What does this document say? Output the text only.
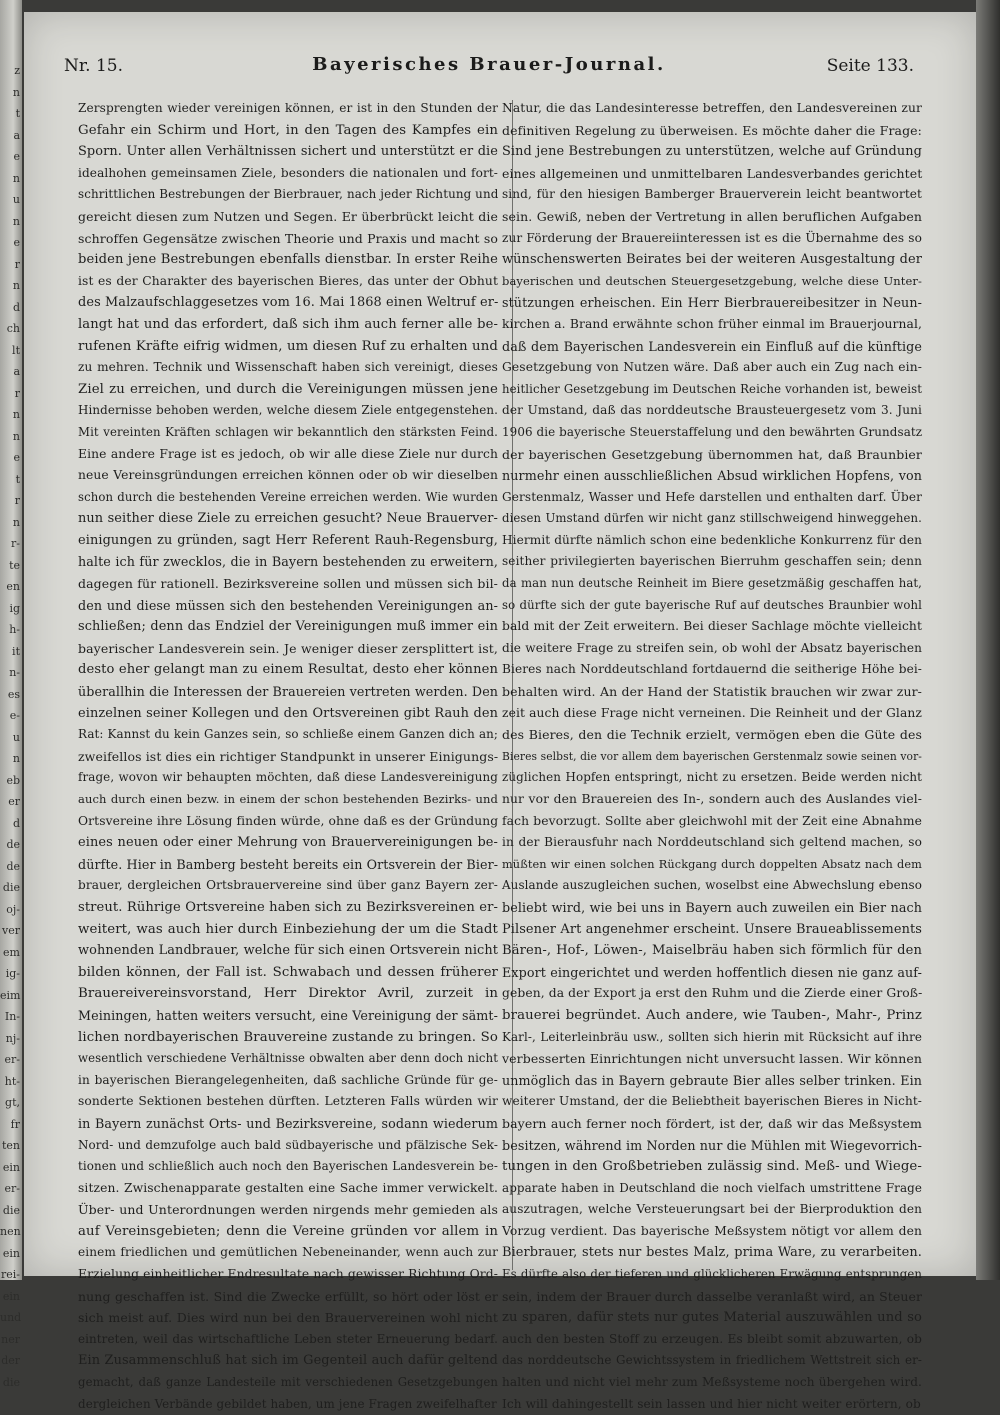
z
n
t
a
e
n
u
n
e
r
n
d
ch
lt
a
r
n
n
e
t
r
n
r-
te
en
ig
h-
it
n-
es
e-
u
n
eb
er
d
de
de
die
oj-
ver
em
ig-
eim
In-
nj-
er-
ht-
gt,
fr
ten
ein
er-
die
nen
ein
rei-
ein
und
ner
der
die
Nr. 15.	Bayerisches Brauer-Journal.	Seite 133.
Zersprengten wieder vereinigen können, er ist in den Stunden der
Gefahr ein Schirm und Hort, in den Tagen des Kampfes ein
Sporn. Unter allen Verhältnissen sichert und unterstützt er die
idealhohen gemeinsamen Ziele, besonders die nationalen und fort-
schrittlichen Bestrebungen der Bierbrauer, nach jeder Richtung und
gereicht diesen zum Nutzen und Segen. Er überbrückt leicht die
schroffen Gegensätze zwischen Theorie und Praxis und macht so
beiden jene Bestrebungen ebenfalls dienstbar. In erster Reihe
ist es der Charakter des bayerischen Bieres, das unter der Obhut
des Malzaufschlaggesetzes vom 16. Mai 1868 einen Weltruf er-
langt hat und das erfordert, daß sich ihm auch ferner alle be-
rufenen Kräfte eifrig widmen, um diesen Ruf zu erhalten und
zu mehren. Technik und Wissenschaft haben sich vereinigt, dieses
Ziel zu erreichen, und durch die Vereinigungen müssen jene
Hindernisse behoben werden, welche diesem Ziele entgegenstehen.
Mit vereinten Kräften schlagen wir bekanntlich den stärksten Feind.
Eine andere Frage ist es jedoch, ob wir alle diese Ziele nur durch
neue Vereinsgründungen erreichen können oder ob wir dieselben
schon durch die bestehenden Vereine erreichen werden. Wie wurden
nun seither diese Ziele zu erreichen gesucht? Neue Brauerver-
einigungen zu gründen, sagt Herr Referent Rauh-Regensburg,
halte ich für zwecklos, die in Bayern bestehenden zu erweitern,
dagegen für rationell. Bezirksvereine sollen und müssen sich bil-
den und diese müssen sich den bestehenden Vereinigungen an-
schließen; denn das Endziel der Vereinigungen muß immer ein
bayerischer Landesverein sein. Je weniger dieser zersplittert ist,
desto eher gelangt man zu einem Resultat, desto eher können
überallhin die Interessen der Brauereien vertreten werden. Den
einzelnen seiner Kollegen und den Ortsvereinen gibt Rauh den
Rat: Kannst du kein Ganzes sein, so schließe einem Ganzen dich an;
zweifellos ist dies ein richtiger Standpunkt in unserer Einigungs-
frage, wovon wir behaupten möchten, daß diese Landesvereinigung
auch durch einen bezw. in einem der schon bestehenden Bezirks- und
Ortsvereine ihre Lösung finden würde, ohne daß es der Gründung
eines neuen oder einer Mehrung von Brauervereinigungen be-
dürfte. Hier in Bamberg besteht bereits ein Ortsverein der Bier-
brauer, dergleichen Ortsbrauervereine sind über ganz Bayern zer-
streut. Rührige Ortsvereine haben sich zu Bezirksvereinen er-
weitert, was auch hier durch Einbeziehung der um die Stadt
wohnenden Landbrauer, welche für sich einen Ortsverein nicht
bilden können, der Fall ist. Schwabach und dessen früherer
Brauereivereinsvorstand, Herr Direktor Avril, zurzeit in
Meiningen, hatten weiters versucht, eine Vereinigung der sämt-
lichen nordbayerischen Brauvereine zustande zu bringen. So
wesentlich verschiedene Verhältnisse obwalten aber denn doch nicht
in bayerischen Bierangelegenheiten, daß sachliche Gründe für ge-
sonderte Sektionen bestehen dürften. Letzteren Falls würden wir
in Bayern zunächst Orts- und Bezirksvereine, sodann wiederum
Nord- und demzufolge auch bald südbayerische und pfälzische Sek-
tionen und schließlich auch noch den Bayerischen Landesverein be-
sitzen. Zwischenapparate gestalten eine Sache immer verwickelt.
Über- und Unterordnungen werden nirgends mehr gemieden als
auf Vereinsgebieten; denn die Vereine gründen vor allem in
einem friedlichen und gemütlichen Nebeneinander, wenn auch zur
Erzielung einheitlicher Endresultate nach gewisser Richtung Ord-
nung geschaffen ist. Sind die Zwecke erfüllt, so hört oder löst er
sich meist auf. Dies wird nun bei den Brauervereinen wohl nicht
eintreten, weil das wirtschaftliche Leben steter Erneuerung bedarf.
Ein Zusammenschluß hat sich im Gegenteil auch dafür geltend
gemacht, daß ganze Landesteile mit verschiedenen Gesetzgebungen
dergleichen Verbände gebildet haben, um jene Fragen zweifelhafter
Natur, die das Landesinteresse betreffen, den Landesvereinen zur
definitiven Regelung zu überweisen. Es möchte daher die Frage:
Sind jene Bestrebungen zu unterstützen, welche auf Gründung
eines allgemeinen und unmittelbaren Landesverbandes gerichtet
sind, für den hiesigen Bamberger Brauerverein leicht beantwortet
sein. Gewiß, neben der Vertretung in allen beruflichen Aufgaben
zur Förderung der Brauereiinteressen ist es die Übernahme des so
wünschenswerten Beirates bei der weiteren Ausgestaltung der
bayerischen und deutschen Steuergesetzgebung, welche diese Unter-
stützungen erheischen. Ein Herr Bierbrauereibesitzer in Neun-
kirchen a. Brand erwähnte schon früher einmal im Brauerjournal,
daß dem Bayerischen Landesverein ein Einfluß auf die künftige
Gesetzgebung von Nutzen wäre. Daß aber auch ein Zug nach ein-
heitlicher Gesetzgebung im Deutschen Reiche vorhanden ist, beweist
der Umstand, daß das norddeutsche Brausteuergesetz vom 3. Juni
1906 die bayerische Steuerstaffelung und den bewährten Grundsatz
der bayerischen Gesetzgebung übernommen hat, daß Braunbier
nurmehr einen ausschließlichen Absud wirklichen Hopfens, von
Gerstenmalz, Wasser und Hefe darstellen und enthalten darf. Über
diesen Umstand dürfen wir nicht ganz stillschweigend hinweggehen.
Hiermit dürfte nämlich schon eine bedenkliche Konkurrenz für den
seither privilegierten bayerischen Bierruhm geschaffen sein; denn
da man nun deutsche Reinheit im Biere gesetzmäßig geschaffen hat,
so dürfte sich der gute bayerische Ruf auf deutsches Braunbier wohl
bald mit der Zeit erweitern. Bei dieser Sachlage möchte vielleicht
die weitere Frage zu streifen sein, ob wohl der Absatz bayerischen
Bieres nach Norddeutschland fortdauernd die seitherige Höhe bei-
behalten wird. An der Hand der Statistik brauchen wir zwar zur-
zeit auch diese Frage nicht verneinen. Die Reinheit und der Glanz
des Bieres, den die Technik erzielt, vermögen eben die Güte des
Bieres selbst, die vor allem dem bayerischen Gerstenmalz sowie seinen vor-
züglichen Hopfen entspringt, nicht zu ersetzen. Beide werden nicht
nur vor den Brauereien des In-, sondern auch des Auslandes viel-
fach bevorzugt. Sollte aber gleichwohl mit der Zeit eine Abnahme
in der Bierausfuhr nach Norddeutschland sich geltend machen, so
müßten wir einen solchen Rückgang durch doppelten Absatz nach dem
Auslande auszugleichen suchen, woselbst eine Abwechslung ebenso
beliebt wird, wie bei uns in Bayern auch zuweilen ein Bier nach
Pilsener Art angenehmer erscheint. Unsere Braueablissements
Bären-, Hof-, Löwen-, Maiselbräu haben sich förmlich für den
Export eingerichtet und werden hoffentlich diesen nie ganz auf-
geben, da der Export ja erst den Ruhm und die Zierde einer Groß-
brauerei begründet. Auch andere, wie Tauben-, Mahr-, Prinz
Karl-, Leiterleinbräu usw., sollten sich hierin mit Rücksicht auf ihre
verbesserten Einrichtungen nicht unversucht lassen. Wir können
unmöglich das in Bayern gebraute Bier alles selber trinken. Ein
weiterer Umstand, der die Beliebtheit bayerischen Bieres in Nicht-
bayern auch ferner noch fördert, ist der, daß wir das Meßsystem
besitzen, während im Norden nur die Mühlen mit Wiegevorrich-
tungen in den Großbetrieben zulässig sind. Meß- und Wiege-
apparate haben in Deutschland die noch vielfach umstrittene Frage
auszutragen, welche Versteuerungsart bei der Bierproduktion den
Vorzug verdient. Das bayerische Meßsystem nötigt vor allem den
Bierbrauer, stets nur bestes Malz, prima Ware, zu verarbeiten.
Es dürfte also der tieferen und glücklicheren Erwägung entsprungen
sein, indem der Brauer durch dasselbe veranlaßt wird, an Steuer
zu sparen, dafür stets nur gutes Material auszuwählen und so
auch den besten Stoff zu erzeugen. Es bleibt somit abzuwarten, ob
das norddeutsche Gewichtssystem in friedlichem Wettstreit sich er-
halten und nicht viel mehr zum Meßsysteme noch übergehen wird.
Ich will dahingestellt sein lassen und hier nicht weiter erörtern, ob
